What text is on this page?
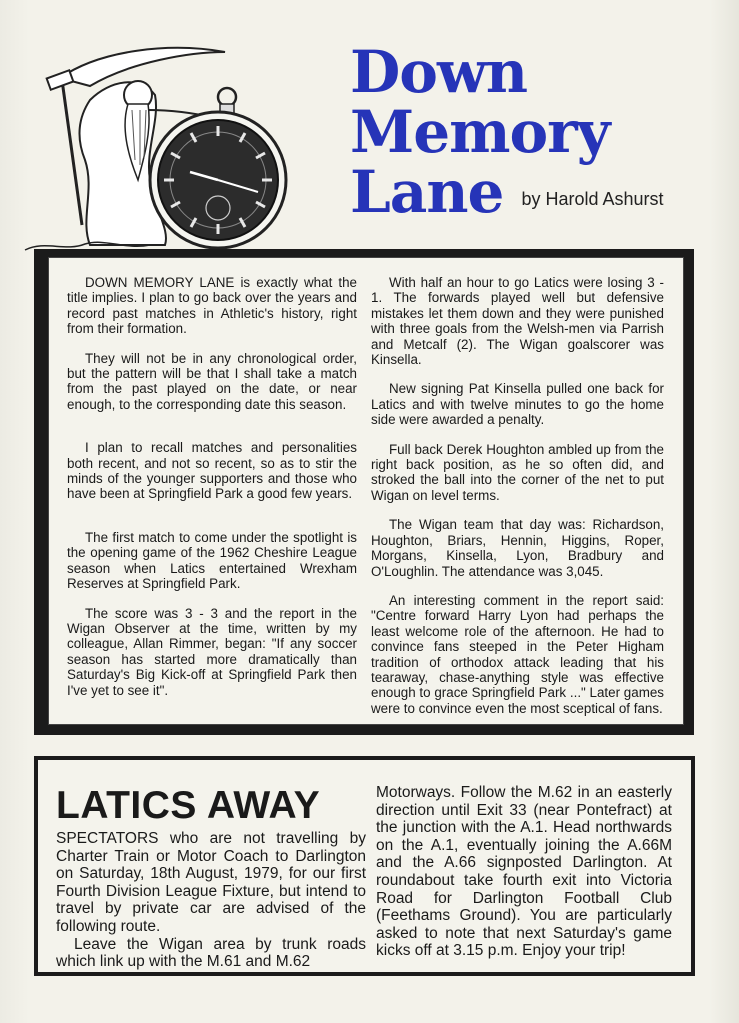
Down
Memory
Lane by Harold Ashurst

DOWN MEMORY LANE is exactly what the title implies. I plan to go back over the years and record past matches in Athletic's history, right from their formation.

They will not be in any chronological order, but the pattern will be that I shall take a match from the past played on the date, or near enough, to the corresponding date this season.

I plan to recall matches and personalities both recent, and not so recent, so as to stir the minds of the younger supporters and those who have been at Springfield Park a good few years.

The first match to come under the spotlight is the opening game of the 1962 Cheshire League season when Latics entertained Wrexham Reserves at Springfield Park.

The score was 3 - 3 and the report in the Wigan Observer at the time, written by my colleague, Allan Rimmer, began: "If any soccer season has started more dramatically than Saturday's Big Kick-off at Springfield Park then I've yet to see it".

With half an hour to go Latics were losing 3 - 1. The forwards played well but defensive mistakes let them down and they were punished with three goals from the Welsh-men via Parrish and Metcalf (2). The Wigan goalscorer was Kinsella.

New signing Pat Kinsella pulled one back for Latics and with twelve minutes to go the home side were awarded a penalty.

Full back Derek Houghton ambled up from the right back position, as he so often did, and stroked the ball into the corner of the net to put Wigan on level terms.

The Wigan team that day was: Richardson, Houghton, Briars, Hennin, Higgins, Roper, Morgans, Kinsella, Lyon, Bradbury and O'Loughlin. The attendance was 3,045.

An interesting comment in the report said: "Centre forward Harry Lyon had perhaps the least welcome role of the afternoon. He had to convince fans steeped in the Peter Higham tradition of orthodox attack leading that his tearaway, chase-anything style was effective enough to grace Springfield Park ..." Later games were to convince even the most sceptical of fans.

LATICS AWAY

SPECTATORS who are not travelling by Charter Train or Motor Coach to Darlington on Saturday, 18th August, 1979, for our first Fourth Division League Fixture, but intend to travel by private car are advised of the following route.

Leave the Wigan area by trunk roads which link up with the M.61 and M.62

Motorways. Follow the M.62 in an easterly direction until Exit 33 (near Pontefract) at the junction with the A.1. Head northwards on the A.1, eventually joining the A.66M and the A.66 signposted Darlington. At roundabout take fourth exit into Victoria Road for Darlington Football Club (Feethams Ground). You are particularly asked to note that next Saturday's game kicks off at 3.15 p.m. Enjoy your trip!
